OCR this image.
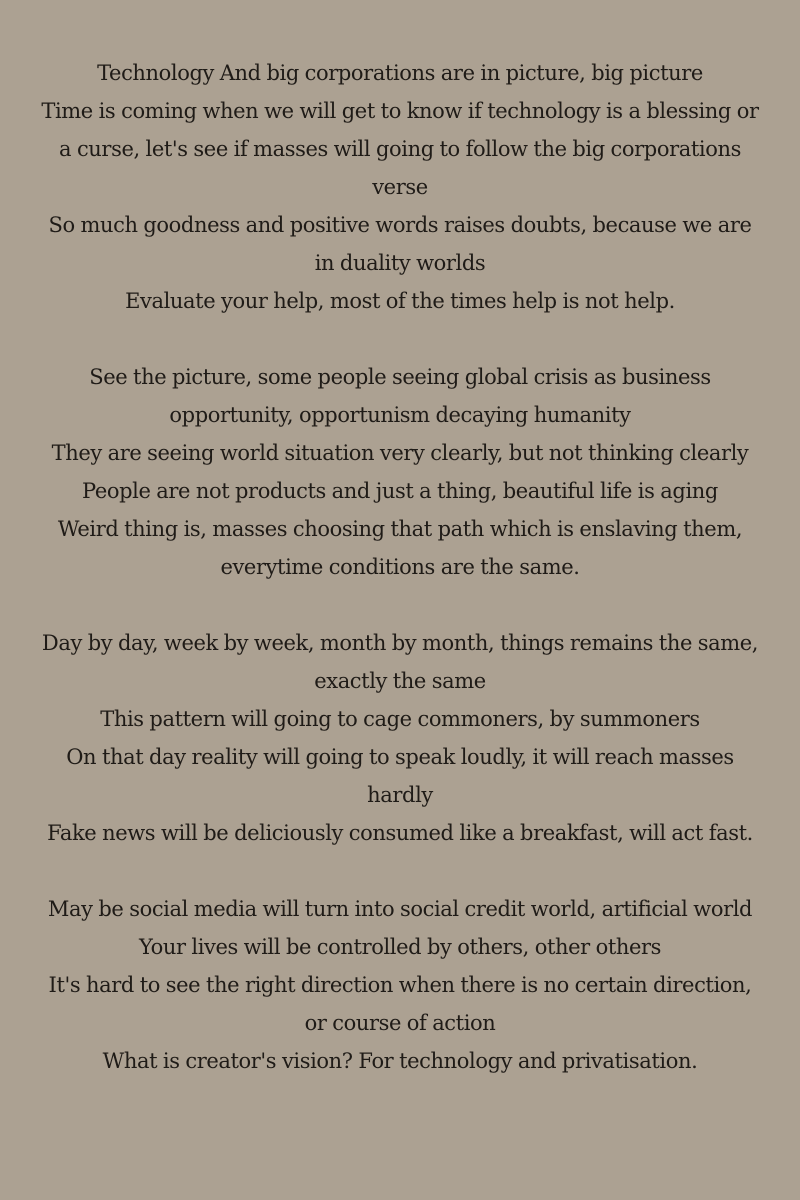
Technology And big corporations are in picture, big picture
Time is coming when we will get to know if technology is a blessing or a curse, let's see if masses will going to follow the big corporations verse
So much goodness and positive words raises doubts, because we are in duality worlds
Evaluate your help, most of the times help is not help.
See the picture, some people seeing global crisis as business opportunity, opportunism decaying humanity
They are seeing world situation very clearly, but not thinking clearly
People are not products and just a thing, beautiful life is aging
Weird thing is, masses choosing that path which is enslaving them, everytime conditions are the same.
Day by day, week by week, month by month, things remains the same, exactly the same
This pattern will going to cage commoners, by summoners
On that day reality will going to speak loudly, it will reach masses hardly
Fake news will be deliciously consumed like a breakfast, will act fast.
May be social media will turn into social credit world, artificial world
Your lives will be controlled by others, other others
It's hard to see the right direction when there is no certain direction, or course of action
What is creator's vision? For technology and privatisation.
